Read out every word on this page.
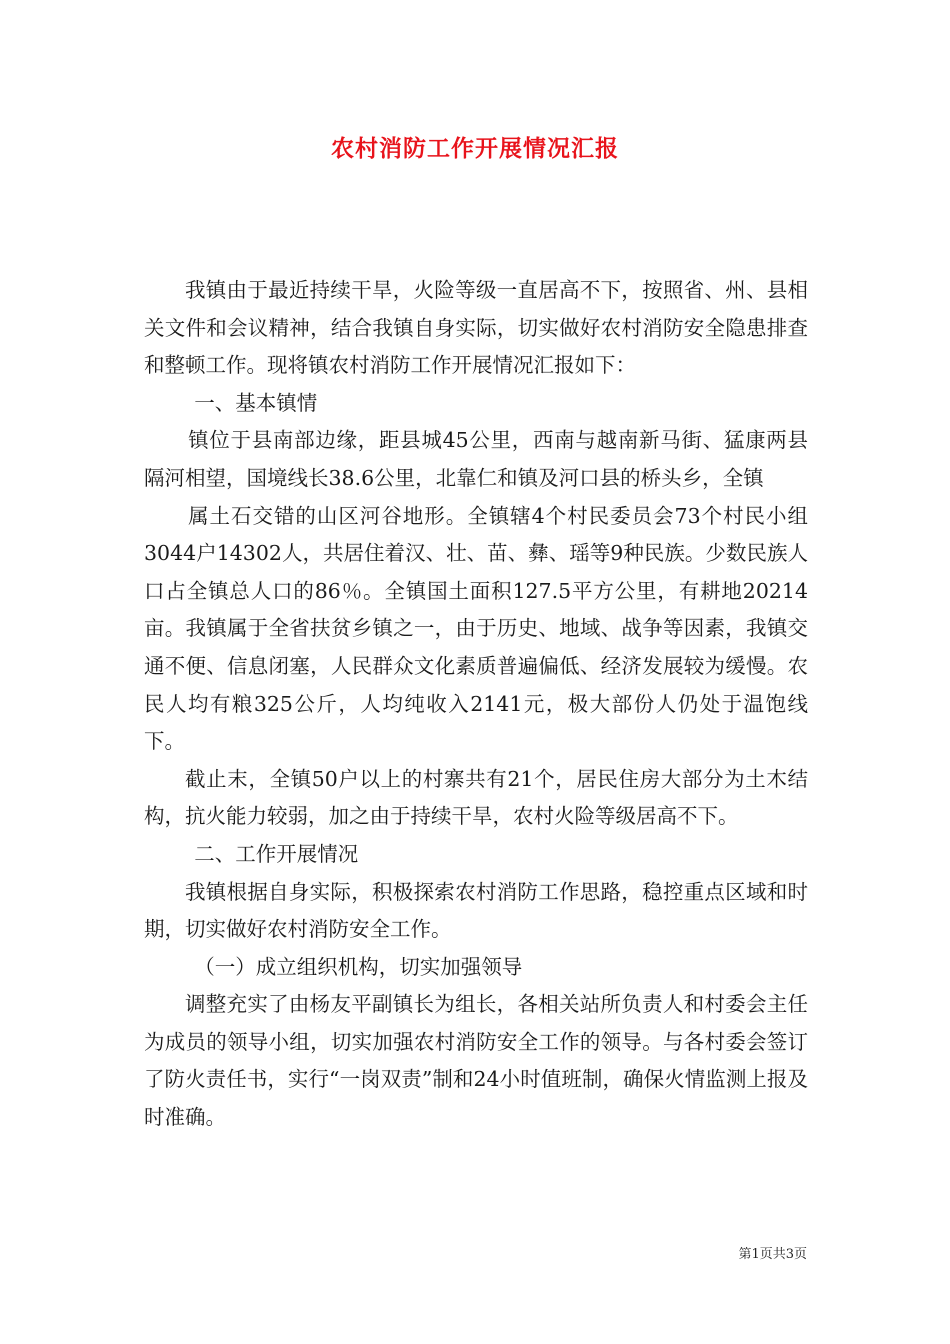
农村消防工作开展情况汇报

我镇由于最近持续干旱，火险等级一直居高不下，按照省、州、县相关文件和会议精神，结合我镇自身实际，切实做好农村消防安全隐患排查和整顿工作。现将镇农村消防工作开展情况汇报如下：

一、基本镇情

镇位于县南部边缘，距县城45公里，西南与越南新马街、猛康两县隔河相望，国境线长38.6公里，北靠仁和镇及河口县的桥头乡，全镇

属土石交错的山区河谷地形。全镇辖4个村民委员会73个村民小组3044户14302人，共居住着汉、壮、苗、彝、瑶等9种民族。少数民族人口占全镇总人口的86％。全镇国土面积127.5平方公里，有耕地20214亩。我镇属于全省扶贫乡镇之一，由于历史、地域、战争等因素，我镇交通不便、信息闭塞，人民群众文化素质普遍偏低、经济发展较为缓慢。农民人均有粮325公斤，人均纯收入2141元，极大部份人仍处于温饱线下。

截止末，全镇50户以上的村寨共有21个，居民住房大部分为土木结构，抗火能力较弱，加之由于持续干旱，农村火险等级居高不下。

二、工作开展情况

我镇根据自身实际，积极探索农村消防工作思路，稳控重点区域和时期，切实做好农村消防安全工作。

（一）成立组织机构，切实加强领导

调整充实了由杨友平副镇长为组长，各相关站所负责人和村委会主任为成员的领导小组，切实加强农村消防安全工作的领导。与各村委会签订了防火责任书，实行“一岗双责”制和24小时值班制，确保火情监测上报及时准确。

第1页共3页
